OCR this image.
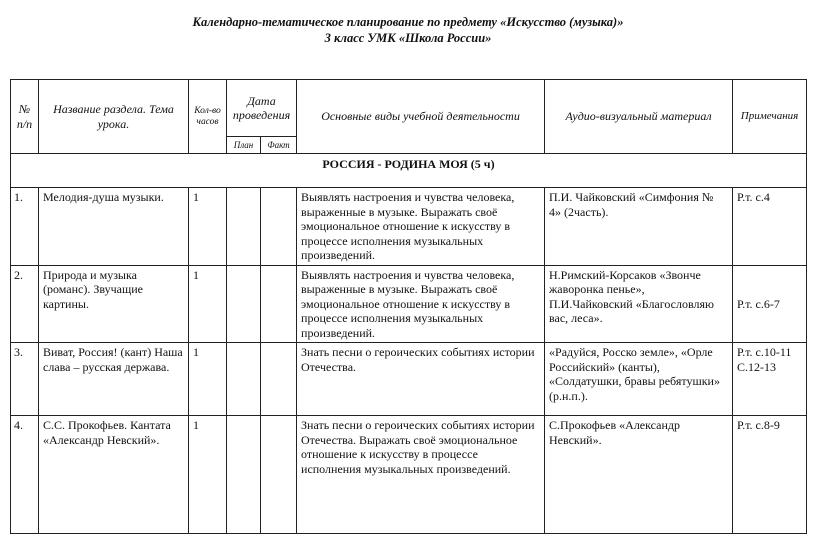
Календарно-тематическое планирование по предмету «Искусство (музыка)»
3 класс УМК «Школа России»
№ п/п	Название раздела. Тема урока.	Кол-во часов	Дата проведения		Основные виды учебной деятельности	Аудио-визуальный материал	Примечания
			План	Факт			
РОССИЯ - РОДИНА МОЯ (5 ч)							
1.	Мелодия-душа музыки.	1			Выявлять настроения и чувства человека, выраженные в музыке. Выражать своё эмоциональное отношение к искусству в процессе исполнения музыкальных произведений.	П.И. Чайковский «Симфония № 4» (2часть).	Р.т. с.4
2.	Природа и музыка (романс). Звучащие картины.	1			Выявлять настроения и чувства человека, выраженные в музыке. Выражать своё эмоциональное отношение к искусству в процессе исполнения музыкальных произведений.	Н.Римский-Корсаков «Звонче жаворонка пенье», П.И.Чайковский «Благословляю вас, леса».	Р.т. с.6-7
3.	Виват, Россия! (кант) Наша слава – русская держава.	1			Знать песни о героических событиях истории Отечества.	«Радуйся, Росско земле», «Орле Российский» (канты), «Солдатушки, бравы ребятушки» (р.н.п.).	Р.т. с.10-11 С.12-13
4.	С.С. Прокофьев. Кантата «Александр Невский».	1			Знать песни о героических событиях истории Отечества. Выражать своё эмоциональное отношение к искусству в процессе исполнения музыкальных произведений.	С.Прокофьев «Александр Невский».	Р.т. с.8-9
